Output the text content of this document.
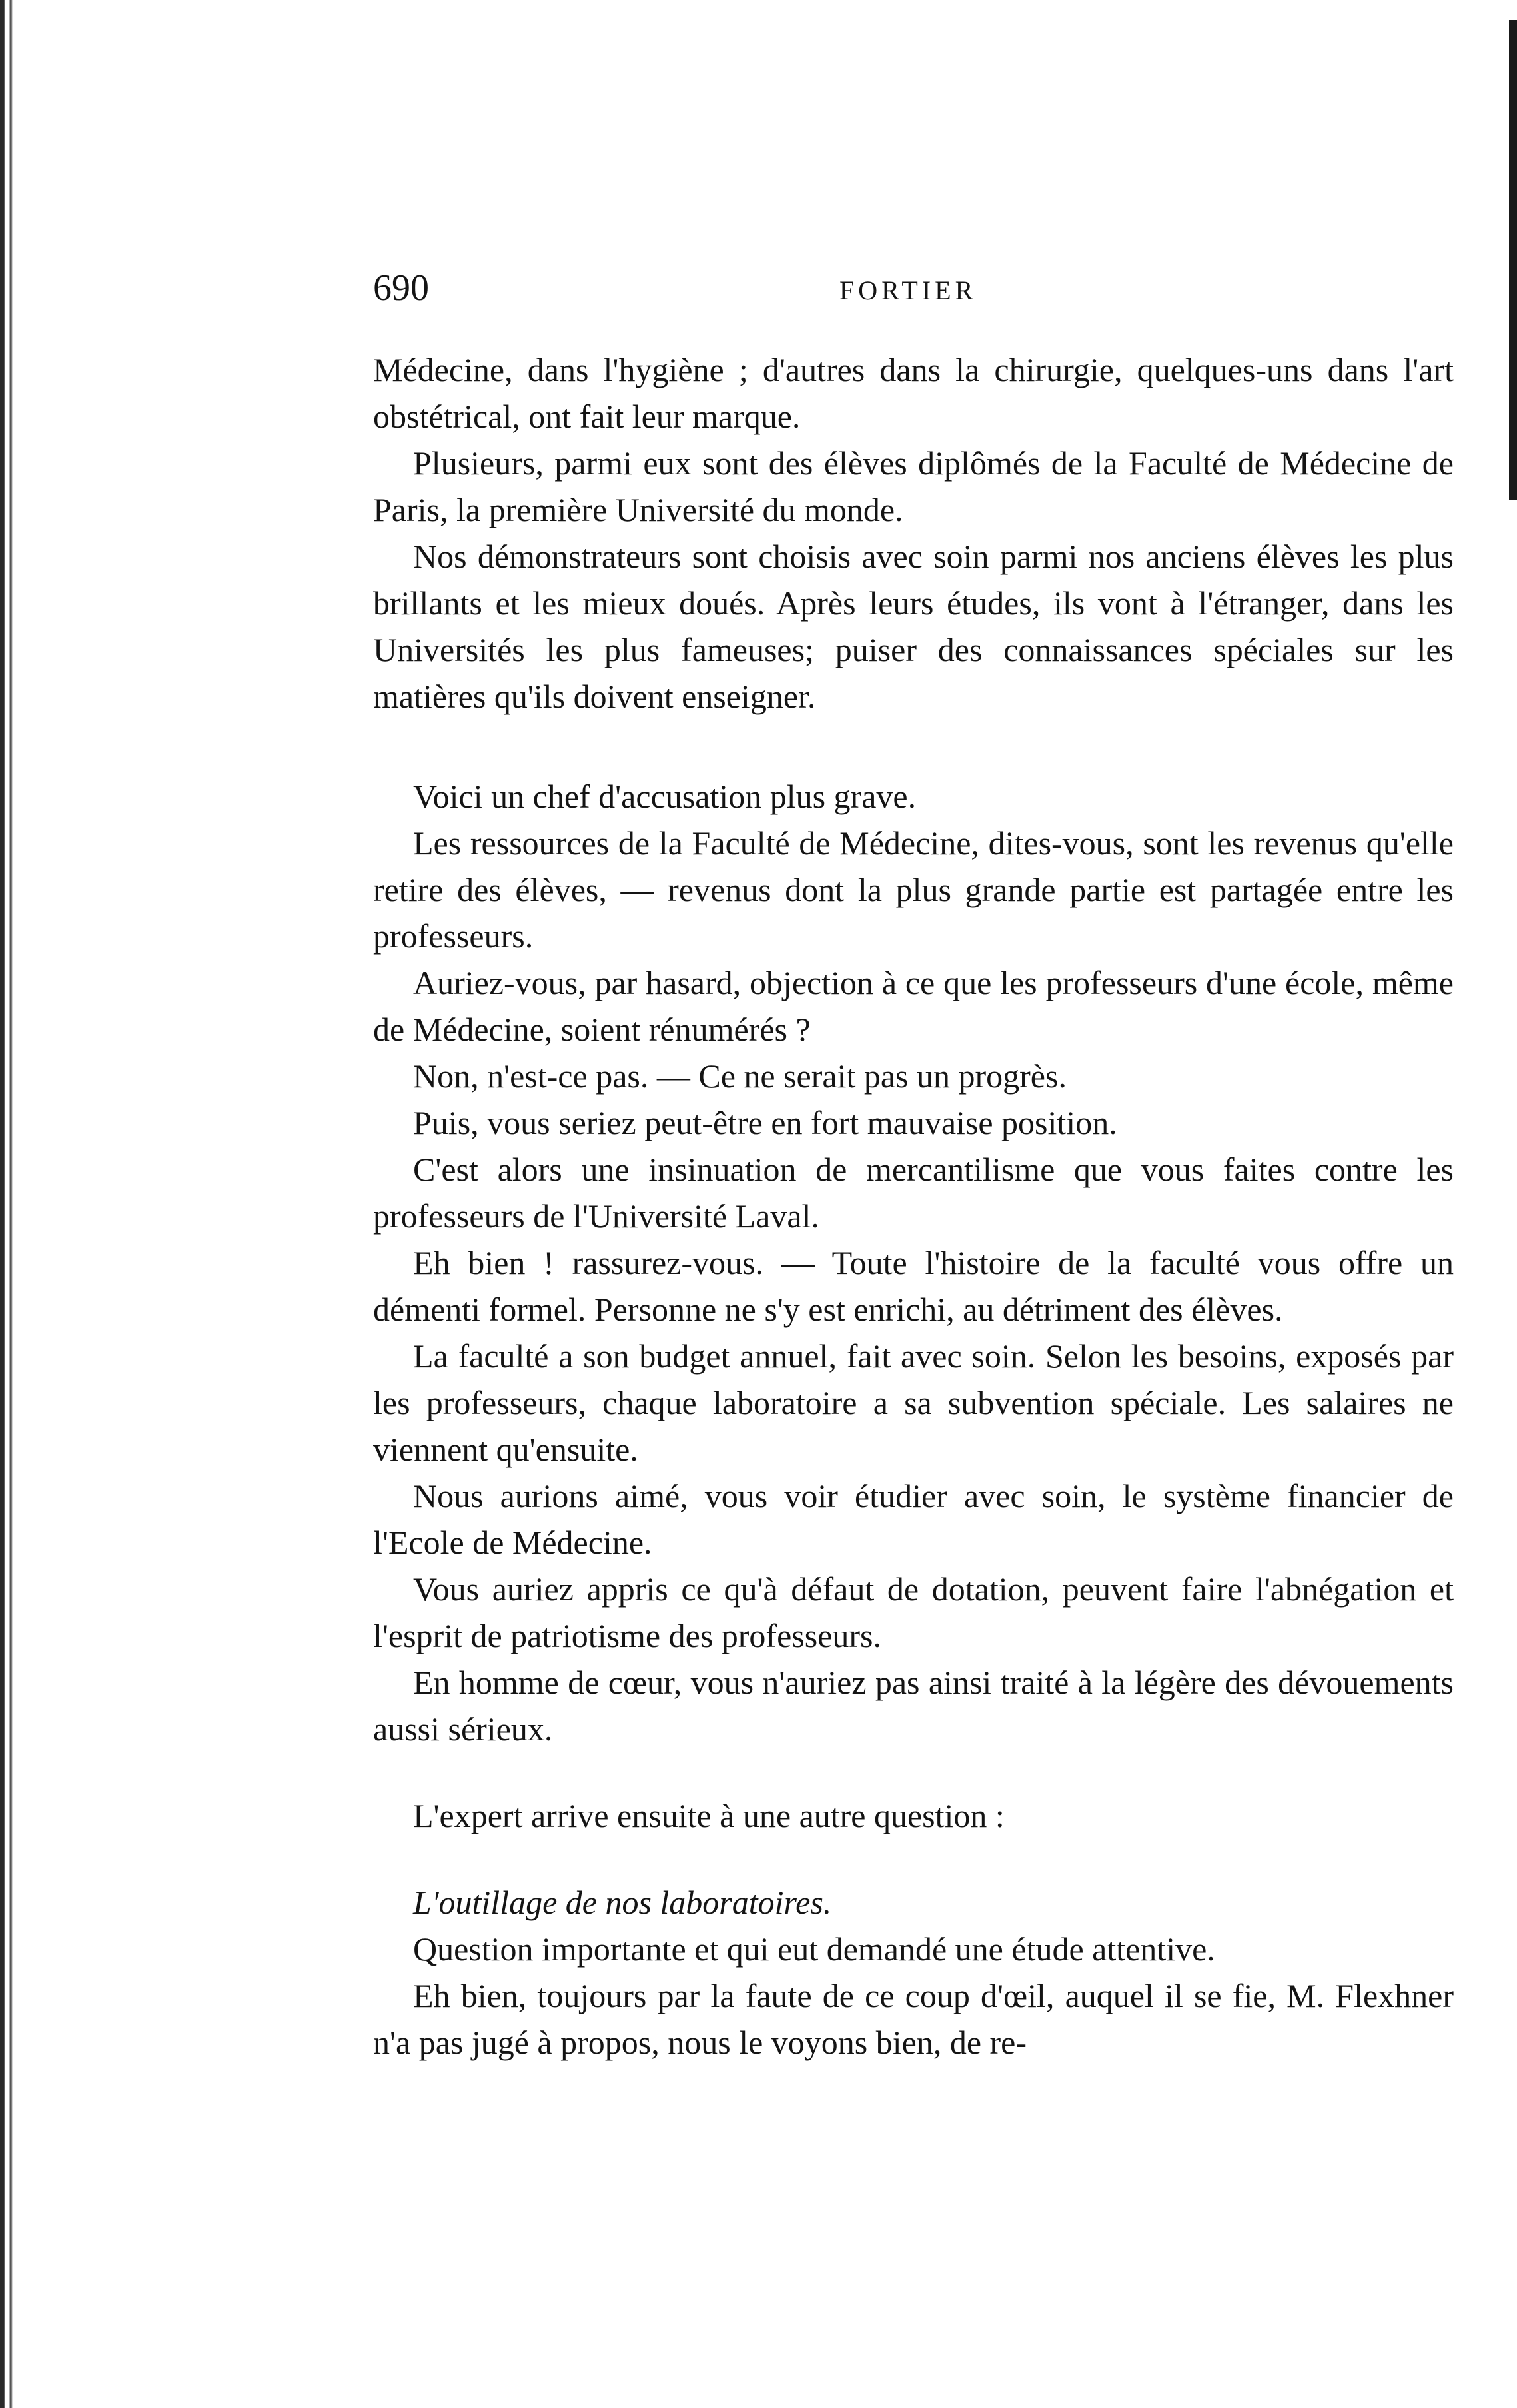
690	FORTIER

Médecine, dans l'hygiène ; d'autres dans la chirurgie, quelques-uns dans l'art obstétrical, ont fait leur marque.

Plusieurs, parmi eux sont des élèves diplômés de la Faculté de Médecine de Paris, la première Université du monde.

Nos démonstrateurs sont choisis avec soin parmi nos anciens élèves les plus brillants et les mieux doués. Après leurs études, ils vont à l'étranger, dans les Universités les plus fameuses; puiser des connaissances spéciales sur les matières qu'ils doivent enseigner.

Voici un chef d'accusation plus grave.

Les ressources de la Faculté de Médecine, dites-vous, sont les revenus qu'elle retire des élèves, — revenus dont la plus grande partie est partagée entre les professeurs.

Auriez-vous, par hasard, objection à ce que les professeurs d'une école, même de Médecine, soient rénumérés ?

Non, n'est-ce pas. — Ce ne serait pas un progrès.

Puis, vous seriez peut-être en fort mauvaise position.

C'est alors une insinuation de mercantilisme que vous faites contre les professeurs de l'Université Laval.

Eh bien ! rassurez-vous. — Toute l'histoire de la faculté vous offre un démenti formel. Personne ne s'y est enrichi, au détriment des élèves.

La faculté a son budget annuel, fait avec soin. Selon les besoins, exposés par les professeurs, chaque laboratoire a sa subvention spéciale. Les salaires ne viennent qu'ensuite.

Nous aurions aimé, vous voir étudier avec soin, le système financier de l'Ecole de Médecine.

Vous auriez appris ce qu'à défaut de dotation, peuvent faire l'abnégation et l'esprit de patriotisme des professeurs.

En homme de cœur, vous n'auriez pas ainsi traité à la légère des dévouements aussi sérieux.

L'expert arrive ensuite à une autre question :

L'outillage de nos laboratoires.

Question importante et qui eut demandé une étude attentive.

Eh bien, toujours par la faute de ce coup d'œil, auquel il se fie, M. Flexhner n'a pas jugé à propos, nous le voyons bien, de re-
